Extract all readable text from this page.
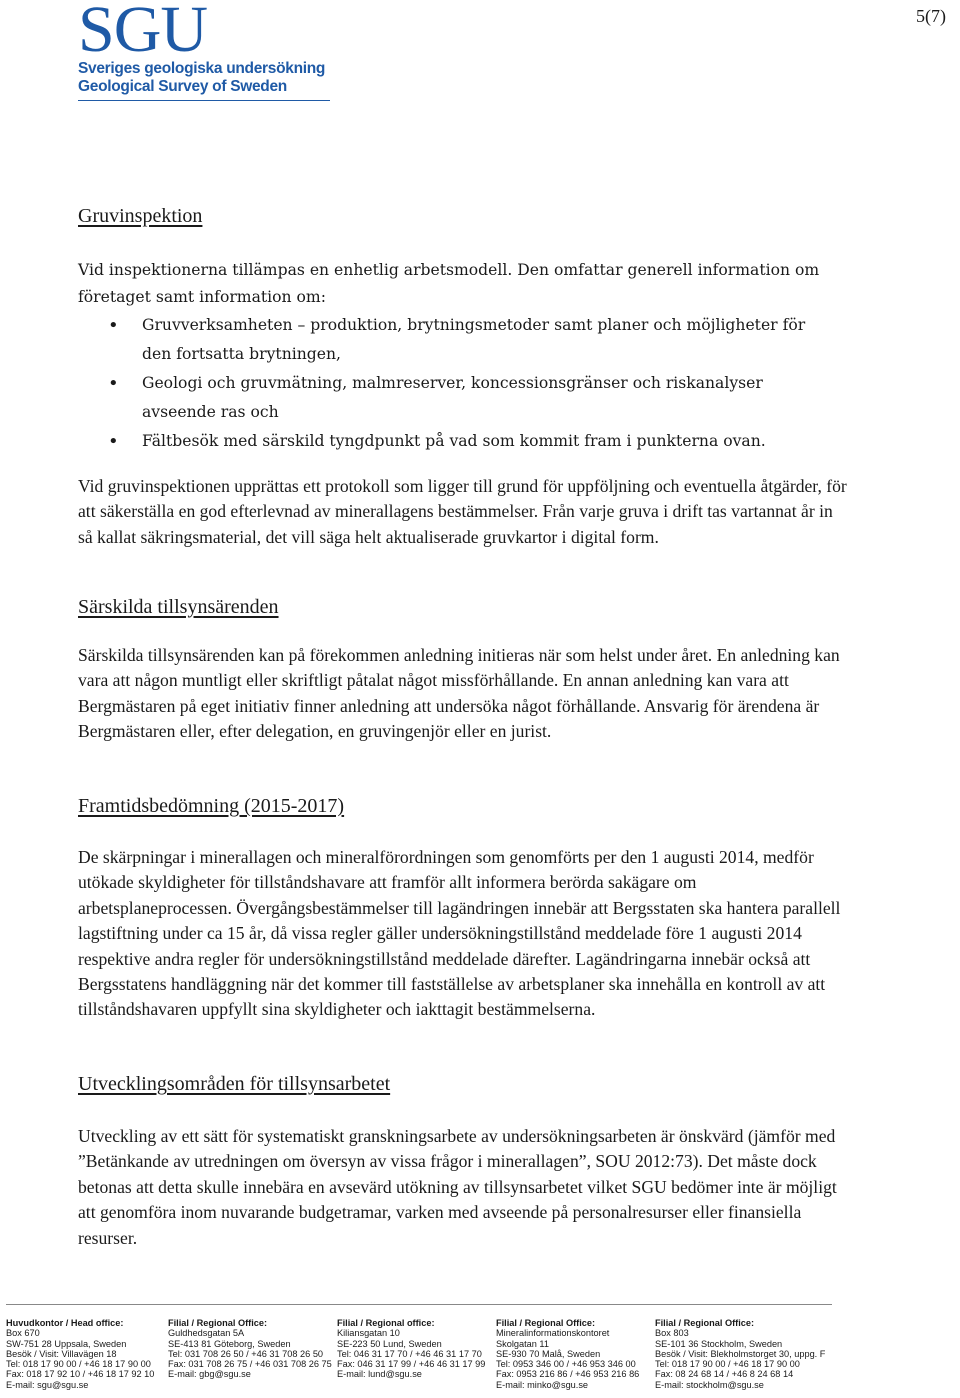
5(7)
SGU
Sveriges geologiska undersökning
Geological Survey of Sweden
Gruvinspektion

Vid inspektionerna tillämpas en enhetlig arbetsmodell. Den omfattar generell information om företaget samt information om:

• Gruvverksamheten – produktion, brytningsmetoder samt planer och möjligheter för den fortsatta brytningen,
• Geologi och gruvmätning, malmreserver, koncessionsgränser och riskanalyser avseende ras och
• Fältbesök med särskild tyngdpunkt på vad som kommit fram i punkterna ovan.

Vid gruvinspektionen upprättas ett protokoll som ligger till grund för uppföljning och eventuella åtgärder, för att säkerställa en god efterlevnad av minerallagens bestämmelser. Från varje gruva i drift tas vartannat år in så kallat säkringsmaterial, det vill säga helt aktualiserade gruvkartor i digital form.

Särskilda tillsynsärenden

Särskilda tillsynsärenden kan på förekommen anledning initieras när som helst under året. En anledning kan vara att någon muntligt eller skriftligt påtalat något missförhållande. En annan anledning kan vara att Bergmästaren på eget initiativ finner anledning att undersöka något förhållande. Ansvarig för ärendena är Bergmästaren eller, efter delegation, en gruvingenjör eller en jurist.

Framtidsbedömning (2015-2017)

De skärpningar i minerallagen och mineralförordningen som genomförts per den 1 augusti 2014, medför utökade skyldigheter för tillståndshavare att framför allt informera berörda sakägare om arbetsplaneprocessen. Övergångsbestämmelser till lagändringen innebär att Bergsstaten ska hantera parallell lagstiftning under ca 15 år, då vissa regler gäller undersökningstillstånd meddelade före 1 augusti 2014 respektive andra regler för undersökningstillstånd meddelade därefter. Lagändringarna innebär också att Bergsstatens handläggning när det kommer till fastställelse av arbetsplaner ska innehålla en kontroll av att tillståndshavaren uppfyllt sina skyldigheter och iakttagit bestämmelserna.

Utvecklingsområden för tillsynsarbetet

Utveckling av ett sätt för systematiskt granskningsarbete av undersökningsarbeten är önskvärd (jämför med ”Betänkande av utredningen om översyn av vissa frågor i minerallagen”, SOU 2012:73). Det måste dock betonas att detta skulle innebära en avsevärd utökning av tillsynsarbetet vilket SGU bedömer inte är möjligt att genomföra inom nuvarande budgetramar, varken med avseende på personalresurser eller finansiella resurser.

Huvudkontor / Head office:
Box 670
SW-751 28 Uppsala, Sweden
Besök / Visit: Villavägen 18
Tel: 018 17 90 00 / +46 18 17 90 00
Fax: 018 17 92 10 / +46 18 17 92 10
E-mail: sgu@sgu.se
Filial / Regional Office:
Guldhedsgatan 5A
SE-413 81 Göteborg, Sweden
Tel: 031 708 26 50 / +46 31 708 26 50
Fax: 031 708 26 75 / +46 031 708 26 75
E-mail: gbg@sgu.se
Filial / Regional office:
Kiliansgatan 10
SE-223 50 Lund, Sweden
Tel: 046 31 17 70 / +46 46 31 17 70
Fax: 046 31 17 99 / +46 46 31 17 99
E-mail: lund@sgu.se
Filial / Regional Office:
Mineralinformationskontoret
Skolgatan 11
SE-930 70 Malå, Sweden
Tel: 0953 346 00 / +46 953 346 00
Fax: 0953 216 86 / +46 953 216 86
E-mail: minko@sgu.se
Filial / Regional Office:
Box 803
SE-101 36 Stockholm, Sweden
Besök / Visit: Blekholmstorget 30, uppg. F
Tel: 018 17 90 00 / +46 18 17 90 00
Fax: 08 24 68 14 / +46 8 24 68 14
E-mail: stockholm@sgu.se
